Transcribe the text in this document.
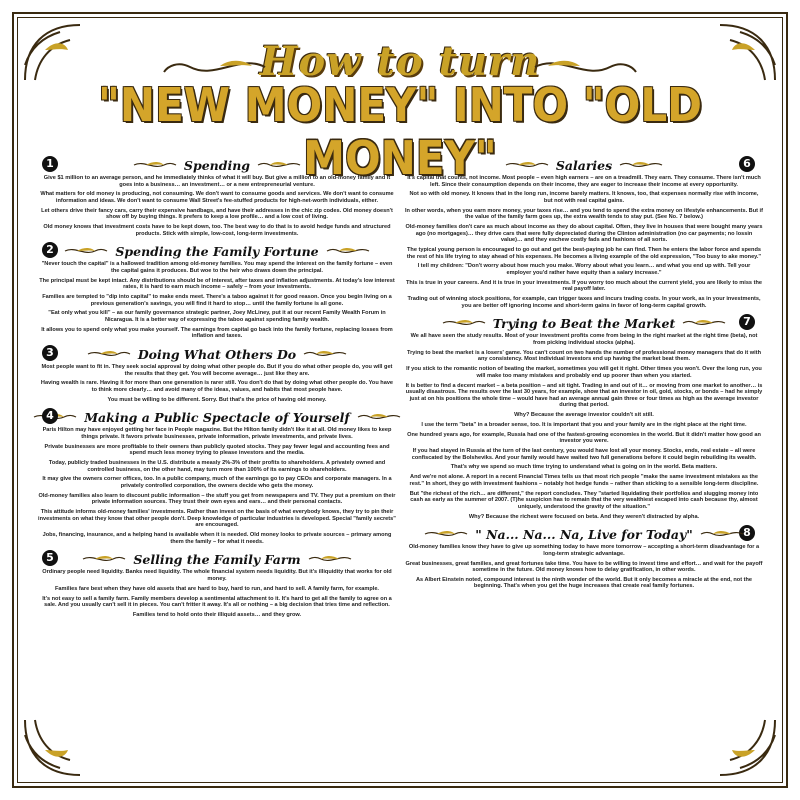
How to turn
"NEW MONEY" INTO "OLD MONEY"
1	Spending

Give $1 million to an average person, and he immediately thinks of what it will buy. But give a million to an old-money family and it goes into a business… an investment… or a new entrepreneurial venture.

What matters for old money is producing, not consuming. We don't want to consume goods and services. We don't want to consume information and ideas. We don't want to consume Wall Street's fee-stuffed products for high-net-worth individuals, either.

Let others drive their fancy cars, carry their expensive handbags, and have their addresses in the chic zip codes. Old money doesn't show off by buying things. It prefers to keep a low profile… and a low cost of living.

Old money knows that investment costs have to be kept down, too. The best way to do that is to avoid hedge funds and structured products. Stick with simple, low-cost, long-term investments.

2	Spending the Family Fortune

"Never touch the capital" is a hallowed tradition among old-money families. You may spend the interest on the family fortune – even the capital gains it produces. But woe to the heir who draws down the principal.

The principal must be kept intact. Any distributions should be of interest, after taxes and inflation adjustments. At today's low interest rates, it is hard to earn much income – safely – from your investments.

Families are tempted to "dip into capital" to make ends meet. There's a taboo against it for good reason. Once you begin living on a previous generation's savings, you will find it hard to stop… until the family fortune is all gone.

"Eat only what you kill" – as our family governance strategic partner, Joey McLiney, put it at our recent Family Wealth Forum in Nicaragua. It is a better way of expressing the taboo against spending family wealth.

It allows you to spend only what you make yourself. The earnings from capital go back into the family fortune, replacing losses from inflation and taxes.

3	Doing What Others Do

Most people want to fit in. They seek social approval by doing what other people do. But if you do what other people do, you will get the results that they get. You will become average… just like they are.

Having wealth is rare. Having it for more than one generation is rarer still. You don't do that by doing what other people do. You have to think more clearly… and avoid many of the ideas, values, and habits that most people have.

You must be willing to be different. Sorry. But that's the price of having old money.

4	Making a Public Spectacle of Yourself

Paris Hilton may have enjoyed getting her face in People magazine. But the Hilton family didn't like it at all. Old money likes to keep things private. It favors private businesses, private information, private investments, and private lives.

Private businesses are more profitable to their owners than publicly quoted stocks. They pay fewer legal and accounting fees and spend much less money trying to please investors and the media.

Today, publicly traded businesses in the U.S. distribute a measly 2%-3% of their profits to shareholders. A privately owned and controlled business, on the other hand, may turn more than 100% of its earnings to shareholders.

It may give the owners corner offices, too. In a public company, much of the earnings go to pay CEOs and corporate managers. In a privately controlled corporation, the owners decide who gets the money.

Old-money families also learn to discount public information – the stuff you get from newspapers and TV. They put a premium on their private information sources. They trust their own eyes and ears… and their personal contacts.

This attitude informs old-money families' investments. Rather than invest on the basis of what everybody knows, they try to pin their investments on what they know that other people don't. Deep knowledge of particular industries is developed. Special "family secrets" are encouraged.

Jobs, financing, insurance, and a helping hand is available when it is needed. Old money looks to private sources – primary among them the family – for what it needs.

5	Selling the Family Farm

Ordinary people need liquidity. Banks need liquidity. The whole financial system needs liquidity. But it's illiquidity that works for old money.

Families fare best when they have old assets that are hard to buy, hard to run, and hard to sell. A family farm, for example.

It's not easy to sell a family farm. Family members develop a sentimental attachment to it. It's hard to get all the family to agree on a sale. And you usually can't sell it in pieces. You can't fritter it away. It's all or nothing – a big decision that tries time and reflection.

Families tend to hold onto their illiquid assets… and they grow.

6
Salaries

It's capital that counts, not income. Most people – even high earners – are on a treadmill. They earn. They consume. There isn't much left. Since their consumption depends on their income, they are eager to increase their income at every opportunity.

Not so with old money. It knows that in the long run, income barely matters. It knows, too, that expenses normally rise with income, but not with real capital gains.

In other words, when you earn more money, your taxes rise… and you tend to spend the extra money on lifestyle enhancements. But if the value of the family farm goes up, the extra wealth tends to stay put. (See No. 7 below.)

Old-money families don't care as much about income as they do about capital. Often, they live in houses that were bought many years ago (no mortgages)… they drive cars that were fully depreciated during the Clinton administration (no car payments; no lossin value)… and they eschew costly fads and fashions of all sorts.

The typical young person is encouraged to go out and get the best-paying job he can find. Then he enters the labor force and spends the rest of his life trying to stay ahead of his expenses. He becomes a living example of the old expression, "Too busy to ake money."

I tell my children: "Don't worry about how much you make. Worry about what you learn… and what you end up with. Tell your employer you'd rather have equity than a salary increase."

This is true in your careers. And it is true in your investments. If you worry too much about the current yield, you are likely to miss the real payoff later.

Trading out of winning stock positions, for example, can trigger taxes and incurs trading costs. In your work, as in your investments, you are better off ignoring income and short-term gains in favor of long-term capital growth.

7
Trying to Beat the Market

We all have seen the study results. Most of your investment profits come from being in the right market at the right time (beta), not from picking individual stocks (alpha).

Trying to beat the market is a losers' game. You can't count on two hands the number of professional money managers that do it with any consistency. Most individual investors end up having the market beat them.

If you stick to the romantic notion of beating the market, sometimes you will get it right. Other times you won't. Over the long run, you will make too many mistakes and probably end up poorer than when you started.

It is better to find a decent market – a beta position – and sit tight. Trading in and out of it… or moving from one market to another… is usually disastrous. The results over the last 30 years, for example, show that an investor in oil, gold, stocks, or bonds – had he simply just at on his positions the whole time – would have had an average annual gain three or four times as high as the average investor during that period.

Why? Because the average investor couldn't sit still.

I use the term "beta" in a broader sense, too. It is important that you and your family are in the right place at the right time.

One hundred years ago, for example, Russia had one of the fastest-growing economies in the world. But it didn't matter how good an investor you were.

If you had stayed in Russia at the turn of the last century, you would have lost all your money. Stocks, ends, real estate – all were confiscated by the Bolsheviks. And your family would have waited two full generations before it could begin rebuilding its wealth.

That's why we spend so much time trying to understand what is going on in the world. Beta matters.

And we're not alone. A report in a recent Financial Times tells us that most rich people "make the same investment mistakes as the rest." In short, they go with investment fashions – notably hot hedge funds – rather than sticking to a sensible long-term discipline.

But "the richest of the rich… are different," the report concludes. They "started liquidating their portfolios and slugging money into cash as early as the summer of 2007. (T)he suspicion has to remain that the very wealthiest escaped into cash because thy, almost uniquely, understood the gravity of the situation."

Why? Because the richest were focused on beta. And they weren't distracted by alpha.

8
" Na... Na... Na, Live for Today"

Old-money families know they have to give up something today to have more tomorrow – accepting a short-term disadvantage for a long-term strategic advantage.

Great businesses, great families, and great fortunes take time. You have to be willing to invest time and effort… and wait for the payoff sometime in the future. Old money knows how to delay gratification, in other words.

As Albert Einstein noted, compound interest is the ninth wonder of the world. But it only becomes a miracle at the end, not the beginning. That's when you get the huge increases that create real family fortunes.
